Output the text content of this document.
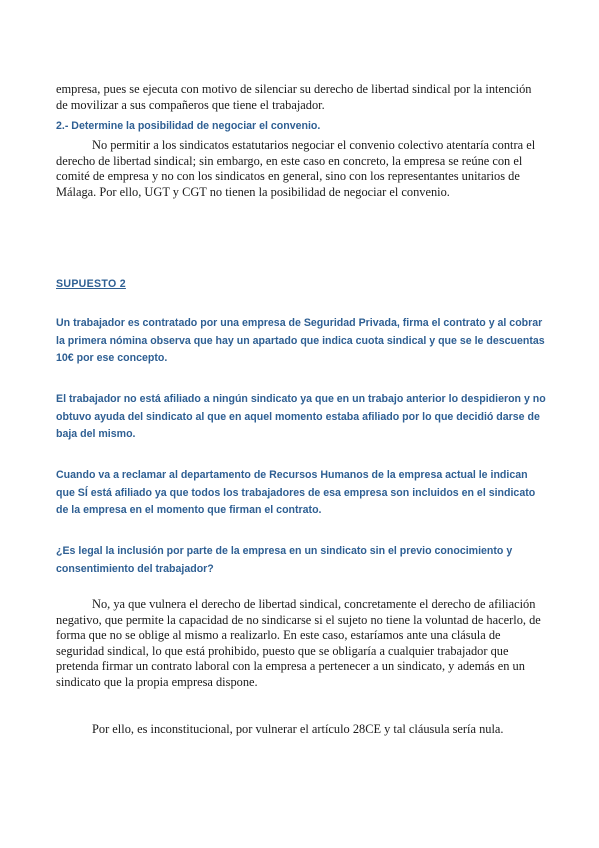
empresa, pues se ejecuta con motivo de silenciar su derecho de libertad sindical por la intención de movilizar a sus compañeros que tiene el trabajador.

2.- Determine la posibilidad de negociar el convenio.

No permitir a los sindicatos estatutarios negociar el convenio colectivo atentaría contra el derecho de libertad sindical; sin embargo, en este caso en concreto, la empresa se reúne con el comité de empresa y no con los sindicatos en general, sino con los representantes unitarios de Málaga. Por ello, UGT y CGT no tienen la posibilidad de negociar el convenio.

SUPUESTO 2

Un trabajador es contratado por una empresa de Seguridad Privada, firma el contrato y al cobrar la primera nómina observa que hay un apartado que indica cuota sindical y que se le descuentas 10€ por ese concepto.

El trabajador no está afiliado a ningún sindicato ya que en un trabajo anterior lo despidieron y no obtuvo ayuda del sindicato al que en aquel momento estaba afiliado por lo que decidió darse de baja del mismo.

Cuando va a reclamar al departamento de Recursos Humanos de la empresa actual le indican que SÍ está afiliado ya que todos los trabajadores de esa empresa son incluidos en el sindicato de la empresa en el momento que firman el contrato.

¿Es legal la inclusión por parte de la empresa en un sindicato sin el previo conocimiento y consentimiento del trabajador?

No, ya que vulnera el derecho de libertad sindical, concretamente el derecho de afiliación negativo, que permite la capacidad de no sindicarse si el sujeto no tiene la voluntad de hacerlo, de forma que no se oblige al mismo a realizarlo. En este caso, estaríamos ante una clásula de seguridad sindical, lo que está prohibido, puesto que se obligaría a cualquier trabajador que pretenda firmar un contrato laboral con la empresa a pertenecer a un sindicato, y además en un sindicato que la propia empresa dispone.

Por ello, es inconstitucional, por vulnerar el artículo 28CE y tal cláusula sería nula.
